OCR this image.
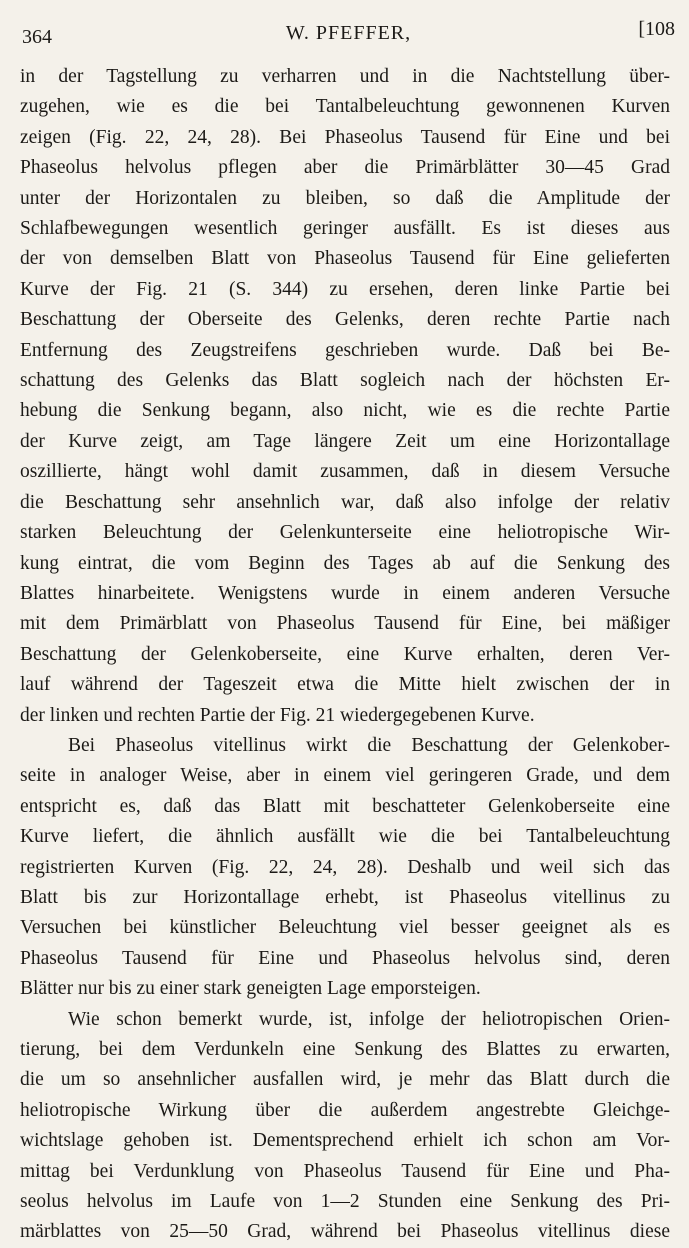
364	W. PFEFFER,	[108
in der Tagstellung zu verharren und in die Nachtstellung über-
zugehen, wie es die bei Tantalbeleuchtung gewonnenen Kurven
zeigen (Fig. 22, 24, 28). Bei Phaseolus Tausend für Eine und bei
Phaseolus helvolus pflegen aber die Primärblätter 30—45 Grad
unter der Horizontalen zu bleiben, so daß die Amplitude der
Schlafbewegungen wesentlich geringer ausfällt. Es ist dieses aus
der von demselben Blatt von Phaseolus Tausend für Eine gelieferten
Kurve der Fig. 21 (S. 344) zu ersehen, deren linke Partie bei
Beschattung der Oberseite des Gelenks, deren rechte Partie nach
Entfernung des Zeugstreifens geschrieben wurde. Daß bei Be-
schattung des Gelenks das Blatt sogleich nach der höchsten Er-
hebung die Senkung begann, also nicht, wie es die rechte Partie
der Kurve zeigt, am Tage längere Zeit um eine Horizontallage
oszillierte, hängt wohl damit zusammen, daß in diesem Versuche
die Beschattung sehr ansehnlich war, daß also infolge der relativ
starken Beleuchtung der Gelenkunterseite eine heliotropische Wir-
kung eintrat, die vom Beginn des Tages ab auf die Senkung des
Blattes hinarbeitete. Wenigstens wurde in einem anderen Versuche
mit dem Primärblatt von Phaseolus Tausend für Eine, bei mäßiger
Beschattung der Gelenkoberseite, eine Kurve erhalten, deren Ver-
lauf während der Tageszeit etwa die Mitte hielt zwischen der in
der linken und rechten Partie der Fig. 21 wiedergegebenen Kurve.
Bei Phaseolus vitellinus wirkt die Beschattung der Gelenkober-
seite in analoger Weise, aber in einem viel geringeren Grade, und dem
entspricht es, daß das Blatt mit beschatteter Gelenkoberseite eine
Kurve liefert, die ähnlich ausfällt wie die bei Tantalbeleuchtung
registrierten Kurven (Fig. 22, 24, 28). Deshalb und weil sich das
Blatt bis zur Horizontallage erhebt, ist Phaseolus vitellinus zu
Versuchen bei künstlicher Beleuchtung viel besser geeignet als es
Phaseolus Tausend für Eine und Phaseolus helvolus sind, deren
Blätter nur bis zu einer stark geneigten Lage emporsteigen.
Wie schon bemerkt wurde, ist, infolge der heliotropischen Orien-
tierung, bei dem Verdunkeln eine Senkung des Blattes zu erwarten,
die um so ansehnlicher ausfallen wird, je mehr das Blatt durch die
heliotropische Wirkung über die außerdem angestrebte Gleichge-
wichtslage gehoben ist. Dementsprechend erhielt ich schon am Vor-
mittag bei Verdunklung von Phaseolus Tausend für Eine und Pha-
seolus helvolus im Laufe von 1—2 Stunden eine Senkung des Pri-
märblattes von 25—50 Grad, während bei Phaseolus vitellinus diese
